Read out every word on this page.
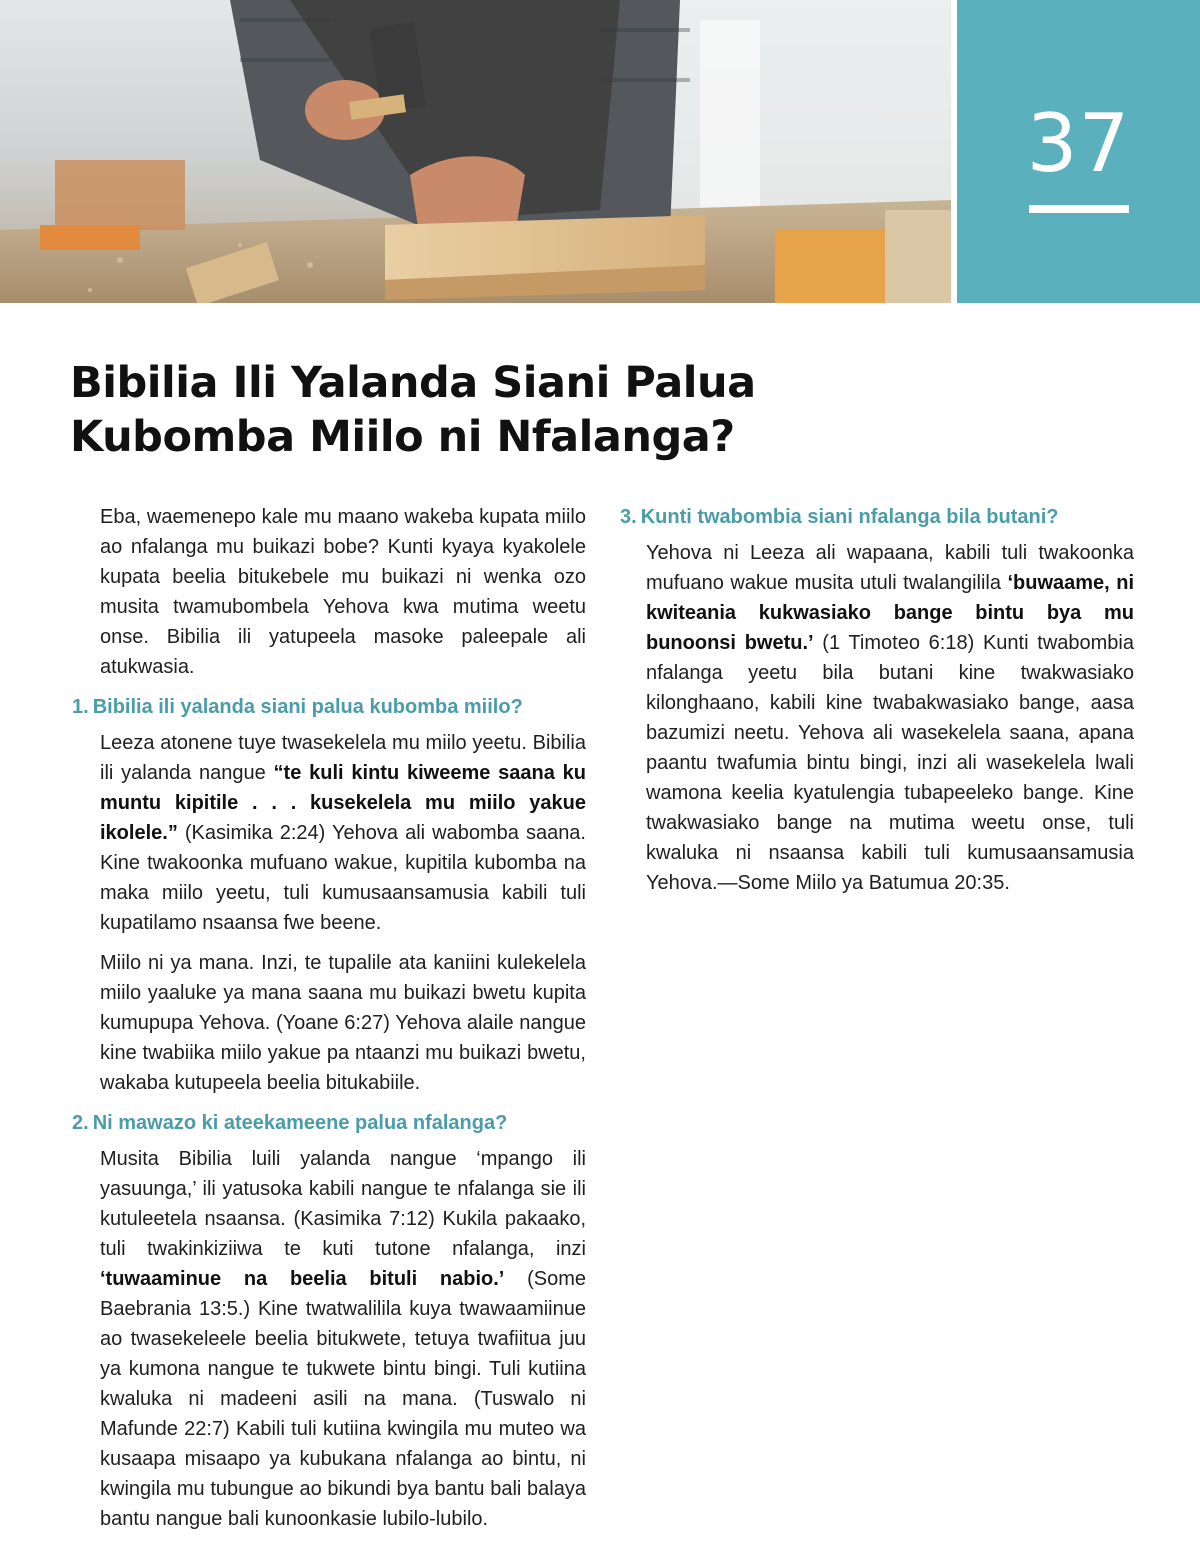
37
Bibilia Ili Yalanda Siani Palua
Kubomba Miilo ni Nfalanga?

Eba, waemenepo kale mu maano wakeba kupata miilo ao nfalanga mu buikazi bobe? Kunti kyaya kyakolele kupata beelia bitukebele mu buikazi ni wenka ozo musita twamubombela Yehova kwa mutima weetu onse. Bibilia ili yatupeela masoke paleepale ali atukwasia.

1. Bibilia ili yalanda siani palua kubomba miilo?

Leeza atonene tuye twasekelela mu miilo yeetu. Bibilia ili yalanda nangue “te kuli kintu kiweeme saana ku muntu kipitile . . . kusekelela mu miilo yakue ikolele.” (Kasimika 2:24) Yehova ali wabomba saana. Kine twakoonka mufuano wakue, kupitila kubomba na maka miilo yeetu, tuli kumusaansamusia kabili tuli kupatilamo nsaansa fwe beene.

Miilo ni ya mana. Inzi, te tupalile ata kaniini kulekelela miilo yaaluke ya mana saana mu buikazi bwetu kupita kumupupa Yehova. (Yoane 6:27) Yehova alaile nangue kine twabiika miilo yakue pa ntaanzi mu buikazi bwetu, wakaba kutupeela beelia bitukabiile.

2. Ni mawazo ki ateekameene palua nfalanga?

Musita Bibilia luili yalanda nangue ‘mpango ili yasuunga,’ ili yatusoka kabili nangue te nfalanga sie ili kutuleetela nsaansa. (Kasimika 7:12) Kukila pakaako, tuli twakinkiziiwa te kuti tutone nfalanga, inzi ‘tuwaaminue na beelia bituli nabio.’ (Some Baebrania 13:5.) Kine twatwalilila kuya twawaamiinue ao twasekeleele beelia bitukwete, tetuya twafiitua juu ya kumona nangue te tukwete bintu bingi. Tuli kutiina kwaluka ni madeeni asili na mana. (Tuswalo ni Mafunde 22:7) Kabili tuli kutiina kwingila mu muteo wa kusaapa misaapo ya kubukana nfalanga ao bintu, ni kwingila mu tubungue ao bikundi bya bantu bali balaya bantu nangue bali kunoonkasie lubilo-lubilo.

3. Kunti twabombia siani nfalanga bila butani?

Yehova ni Leeza ali wapaana, kabili tuli twakoonka mufuano wakue musita utuli twalangilila ‘buwaame, ni kwiteania kukwasiako bange bintu bya mu bunoonsi bwetu.’ (1 Timoteo 6:18) Kunti twabombia nfalanga yeetu bila butani kine twakwasiako kilonghaano, kabili kine twabakwasiako bange, aasa bazumizi neetu. Yehova ali wasekelela saana, apana paantu twafumia bintu bingi, inzi ali wasekelela lwali wamona keelia kyatulengia tubapeeleko bange. Kine twakwasiako bange na mutima weetu onse, tuli kwaluka ni nsaansa kabili tuli kumusaansamusia Yehova.—Some Miilo ya Batumua 20:35.
